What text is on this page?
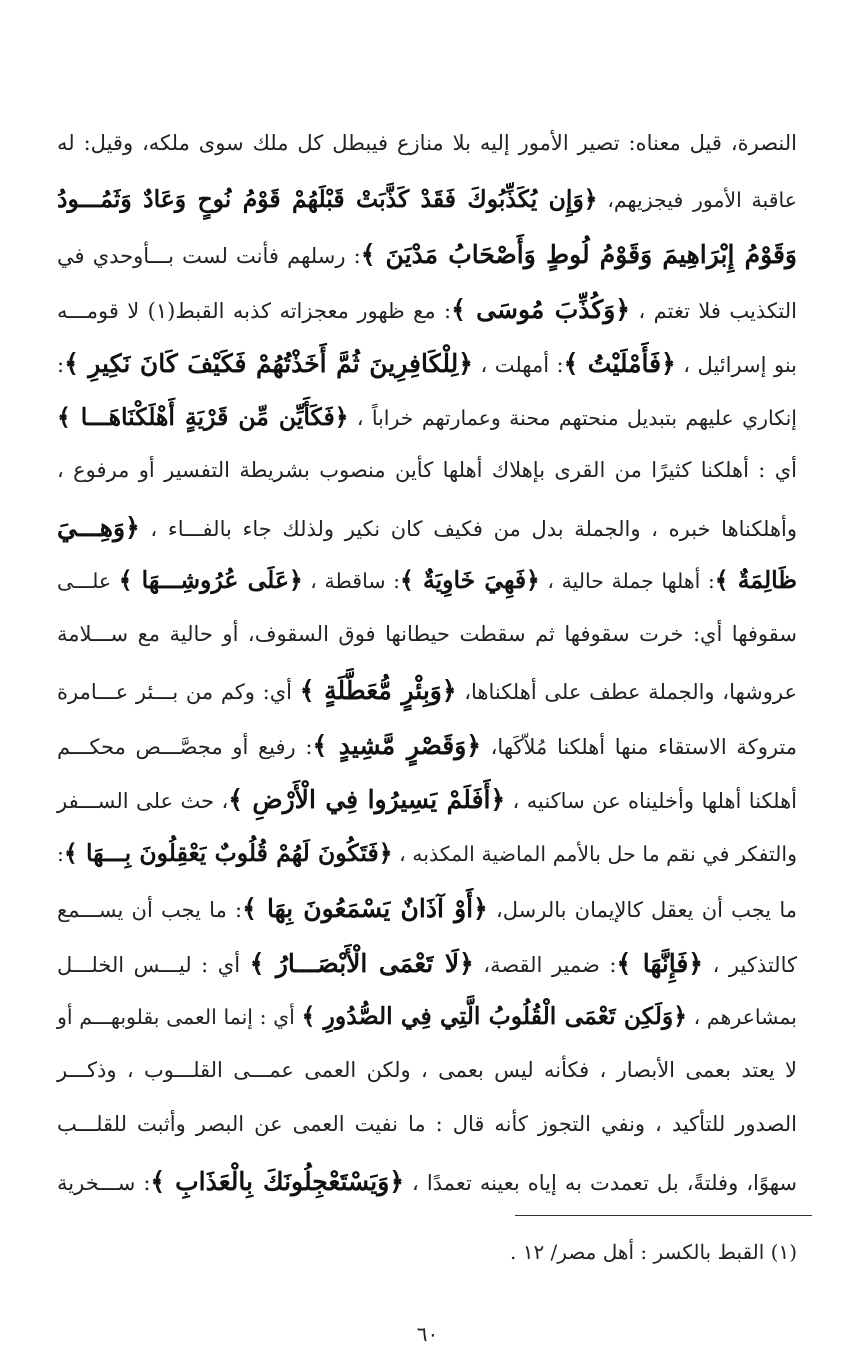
النصرة، قيل معناه: تصير الأمور إليه بلا منازع فيبطل كل ملك سوى ملكه، وقيل: له
عاقبة الأمور فيجزيهم، ﴿وَإِن يُكَذِّبُوكَ فَقَدْ كَذَّبَتْ قَبْلَهُمْ قَوْمُ نُوحٍ وَعَادٌ وَثَمُـــودُ
وَقَوْمُ إِبْرَاهِيمَ وَقَوْمُ لُوطٍ وَأَصْحَابُ مَدْيَنَ ﴾: رسلهم فأنت لست بـــأوحدي في
التكذيب فلا تغتم ، ﴿وَكُذِّبَ مُوسَى ﴾: مع ظهور معجزاته كذبه القبط(١) لا قومـــه
بنو إسرائيل ، ﴿فَأَمْلَيْتُ ﴾: أمهلت ، ﴿لِلْكَافِرِينَ ثُمَّ أَخَذْتُهُمْ فَكَيْفَ كَانَ نَكِيرِ ﴾:
إنكاري عليهم بتبديل منحتهم محنة وعمارتهم خراباً ، ﴿فَكَأَيِّن مِّن قَرْيَةٍ أَهْلَكْنَاهَـــا ﴾
أي : أهلكنا كثيرًا من القرى بإهلاك أهلها كأين منصوب بشريطة التفسير أو مرفوع ،
وأهلكناها خبره ، والجملة بدل من فكيف كان نكير ولذلك جاء بالفـــاء ، ﴿وَهِـــيَ
ظَالِمَةٌ ﴾: أهلها جملة حالية ، ﴿فَهِيَ خَاوِيَةٌ ﴾: ساقطة ، ﴿عَلَى عُرُوشِـــهَا ﴾ علـــى
سقوفها أي: خرت سقوفها ثم سقطت حيطانها فوق السقوف، أو حالية مع ســـلامة
عروشها، والجملة عطف على أهلكناها، ﴿وَبِئْرٍ مُّعَطَّلَةٍ ﴾ أي: وكم من بـــئر عـــامرة
متروكة الاستقاء منها أهلكنا مُلاّكَها، ﴿وَقَصْرٍ مَّشِيدٍ ﴾: رفيع أو مجصَّـــص محكـــم
أهلكنا أهلها وأخليناه عن ساكنيه ، ﴿أَفَلَمْ يَسِيرُوا فِي الْأَرْضِ ﴾، حث على الســـفر
والتفكر في نقم ما حل بالأمم الماضية المكذبه ، ﴿فَتَكُونَ لَهُمْ قُلُوبٌ يَعْقِلُونَ بِـــهَا ﴾:
ما يجب أن يعقل كالإيمان بالرسل، ﴿أَوْ آذَانٌ يَسْمَعُونَ بِهَا ﴾: ما يجب أن يســـمع
كالتذكير ، ﴿فَإِنَّهَا ﴾: ضمير القصة، ﴿لَا تَعْمَى الْأَبْصَـــارُ ﴾ أي : ليـــس الخلـــل
بمشاعرهم ، ﴿وَلَكِن تَعْمَى الْقُلُوبُ الَّتِي فِي الصُّدُورِ ﴾ أي : إنما العمى بقلوبهـــم أو
لا يعتد بعمى الأبصار ، فكأنه ليس بعمى ، ولكن العمى عمـــى القلـــوب ، وذكـــر
الصدور للتأكيد ، ونفي التجوز كأنه قال : ما نفيت العمى عن البصر وأثبت للقلـــب
سهوًا، وفلتةً، بل تعمدت به إياه بعينه تعمدًا ، ﴿وَيَسْتَعْجِلُونَكَ بِالْعَذَابِ ﴾: ســـخرية
(١) القبط بالكسر : أهل مصر/ ١٢ .
٦٠
